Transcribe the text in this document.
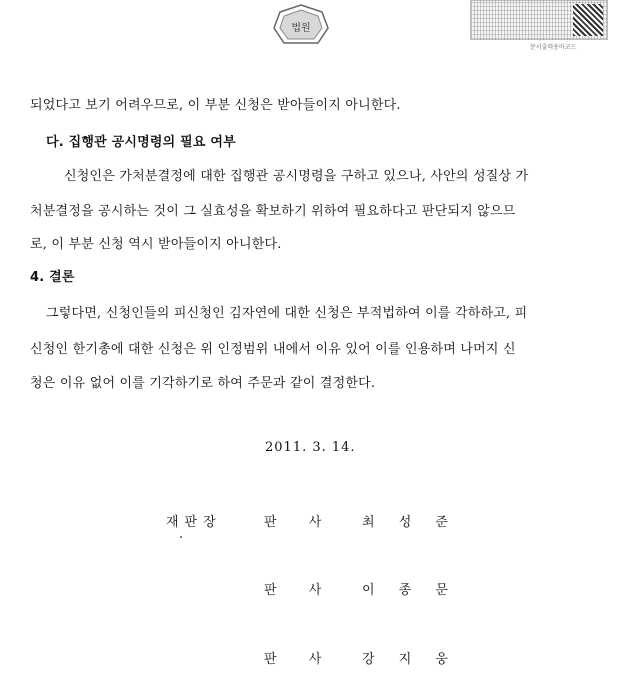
법원
문서출력용바코드
되었다고 보기 어려우므로, 이 부분 신청은 받아들이지 아니한다.
다. 집행관 공시명령의 필요 여부
신청인은 가처분결정에 대한 집행관 공시명령을 구하고 있으나, 사안의 성질상 가
처분결정을 공시하는 것이 그 실효성을 확보하기 위하여 필요하다고 판단되지 않으므
로, 이 부분 신청 역시 받아들이지 아니한다.
4. 결론
그렇다면, 신청인들의 피신청인 김자연에 대한 신청은 부적법하여 이를 각하하고, 피
신청인 한기총에 대한 신청은 위 인정범위 내에서 이유 있어 이를 인용하며 나머지 신
청은 이유 없어 이를 기각하기로 하여 주문과 같이 결정한다.
2011. 3. 14.
재판장	판 사 최 성 준
판 사 이 종 문
판 사 강 지 웅
